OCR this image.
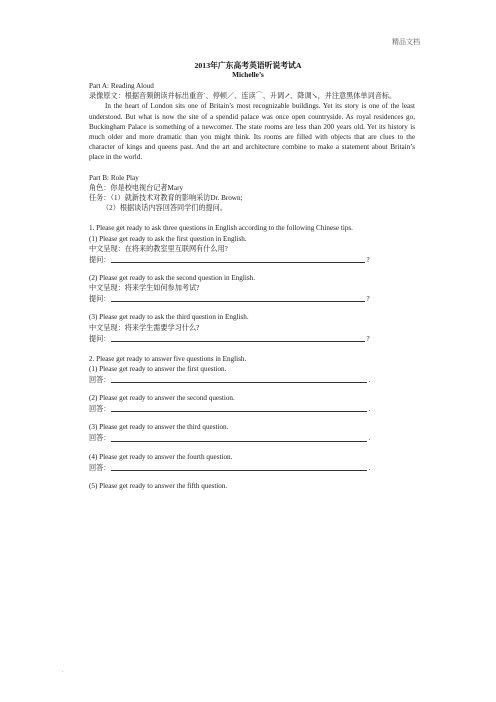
精品文档
2013年广东高考英语听说考试A
Michelle’s

Part A: Reading Aloud

录像原文：根据音频朗读并标出重音ˊ、停顿／、连读⌒、升调↗、降调↘，并注意黑体单词音标。

In the heart of London sits one of Britain’s most recognizable buildings. Yet its story is one of the least understood. But what is now the site of a spendid palace was once open countryside. As royal residences go, Buckingham Palace is something of a newcomer. The state rooms are less than 200 years old. Yet its history is much older and more dramatic than you might think. Its rooms are filled with objects that are clues to the character of kings and queens past. And the art and architecture combine to make a statement about Britain’s place in the world.

Part B: Role Play

角色：你是校电视台记者Mary

任务：（1）就新技术对教育的影响采访Dr. Brown;

（2）根据谈话内容回答同学们的提问。

1. Please get ready to ask three questions in English according to the following Chinese tips.

(1) Please get ready to ask the first question in English.

中文呈现：在将来的教室里互联网有什么用?

提问：	?

(2) Please get ready to ask the second question in English.

中文呈现：将来学生如何参加考试?

提问：	?

(3) Please get ready to ask the third question in English.

中文呈现：将来学生需要学习什么?

提问：	?

2. Please get ready to answer five questions in English.

(1) Please get ready to answer the first question.

回答：	.

(2) Please get ready to answer the second question.

回答：	.

(3) Please get ready to answer the third question.

回答：	.

(4) Please get ready to answer the fourth question.

回答：	.

(5) Please get ready to answer the fifth question.

.
